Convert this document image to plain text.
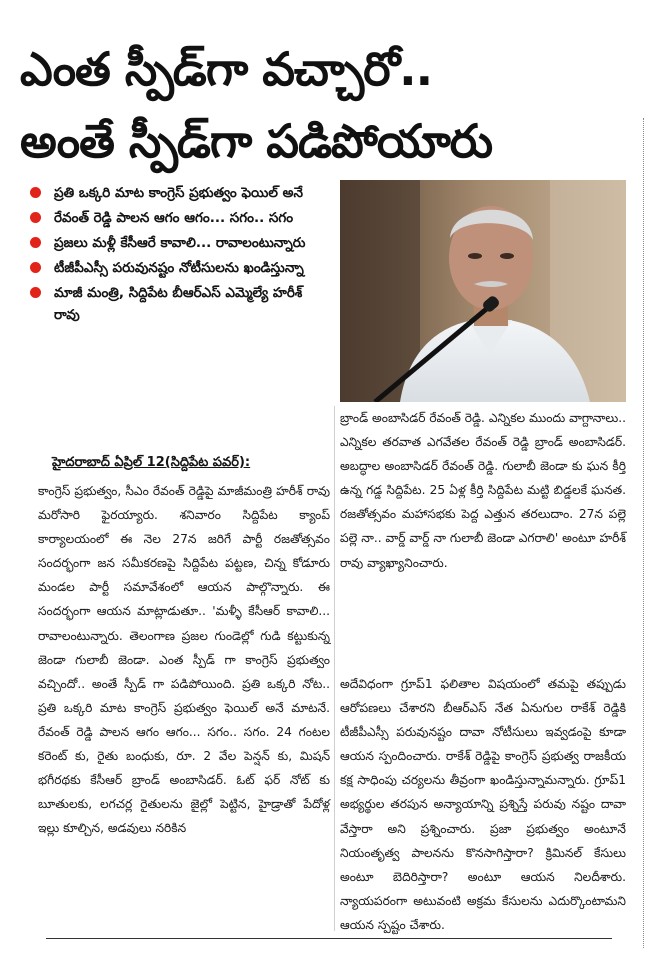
ఎంత స్పీడ్‌గా వచ్చారో..
అంతే స్పీడ్‌గా పడిపోయారు
ప్రతి ఒక్కరి మాట కాంగ్రెస్ ప్రభుత్వం ఫెయిల్ అనే
రేవంత్ రెడ్డి పాలన ఆగం ఆగం... సగం.. సగం
ప్రజలు మళ్లీ కేసీఆరే కావాలి... రావాలంటున్నారు
టీజీపీఎస్సీ పరువునష్టం నోటీసులను ఖండిస్తున్నా
మాజీ మంత్రి, సిద్దిపేట బీఆర్ఎస్ ఎమ్మెల్యే హరీశ్ రావు
హైదరాబాద్ ఏప్రిల్ 12(సిద్దిపేట పవర్):

కాంగ్రెస్ ప్రభుత్వం, సీఎం రేవంత్ రెడ్డిపై మాజీమంత్రి హరీశ్ రావు మరోసారి ఫైరయ్యారు. శనివారం సిద్దిపేట క్యాంప్ కార్యాలయంలో ఈ నెల 27న జరిగే పార్టీ రజతోత్సవం సందర్భంగా జన సమీకరణపై సిద్దిపేట పట్టణ, చిన్న కోడూరు మండల పార్టీ సమావేశంలో ఆయన పాల్గొన్నారు. ఈ సందర్భంగా ఆయన మాట్లాడుతూ.. 'మళ్ళీ కేసీఆర్ కావాలి... రావాలంటున్నారు. తెలంగాణ ప్రజల గుండెల్లో గుడి కట్టుకున్న జెండా గులాబీ జెండా. ఎంత స్పీడ్ గా కాంగ్రెస్ ప్రభుత్వం వచ్చిందో.. అంతే స్పీడ్ గా పడిపోయింది. ప్రతి ఒక్కరి నోట.. ప్రతి ఒక్కరి మాట కాంగ్రెస్ ప్రభుత్వం ఫెయిల్ అనే మాటనే. రేవంత్ రెడ్డి పాలన ఆగం ఆగం... సగం.. సగం. 24 గంటల కరెంట్ కు, రైతు బంధుకు, రూ. 2 వేల పెన్షన్ కు, మిషన్ భగీరథకు కేసీఆర్ బ్రాండ్ అంబాసిడర్. ఓట్ ఫర్ నోట్ కు బూతులకు, లగచర్ల రైతులను జైల్లో పెట్టిన, హైడ్రాతో పేదోళ్ల ఇల్లు కూల్చిన, అడవులు నరికిన

బ్రాండ్ అంబాసిడర్ రేవంత్ రెడ్డి. ఎన్నికల ముందు వాగ్దానాలు.. ఎన్నికల తరవాత ఎగవేతల రేవంత్ రెడ్డి బ్రాండ్ అంబాసిడర్. అబద్ధాల అంబాసిడర్ రేవంత్ రెడ్డి. గులాబీ జెండా కు ఘన కీర్తి ఉన్న గడ్డ సిద్దిపేట. 25 ఏళ్ల కీర్తి సిద్దిపేట మట్టి బిడ్డలకే ఘనత. రజతోత్సవం మహాసభకు పెద్ద ఎత్తున తరలుదాం. 27న పల్లె పల్లె నా.. వార్డ్ వార్డ్ నా గులాబీ జెండా ఎగరాలి' అంటూ హరీశ్ రావు వ్యాఖ్యానించారు.

అదేవిధంగా గ్రూప్1 ఫలితాల విషయంలో తమపై తప్పుడు ఆరోపణలు చేశారని బీఆర్ఎస్ నేత ఏనుగుల రాకేశ్ రెడ్డికి టీజీపీఎస్సీ పరువునష్టం దావా నోటీసులు ఇవ్వడంపై కూడా ఆయన స్పందించారు. రాకేశ్ రెడ్డిపై కాంగ్రెస్ ప్రభుత్వ రాజకీయ కక్ష సాధింపు చర్యలను తీవ్రంగా ఖండిస్తున్నామన్నారు. గ్రూప్1 అభ్యర్థుల తరపున అన్యాయాన్ని ప్రశ్నిస్తే పరువు నష్టం దావా వేస్తారా అని ప్రశ్నించారు. ప్రజా ప్రభుత్వం అంటూనే నియంతృత్వ పాలనను కొనసాగిస్తారా? క్రిమినల్ కేసులు అంటూ బెదిరిస్తారా? అంటూ ఆయన నిలదీశారు. న్యాయపరంగా అటువంటి అక్రమ కేసులను ఎదుర్కొంటామని ఆయన స్పష్టం చేశారు.
